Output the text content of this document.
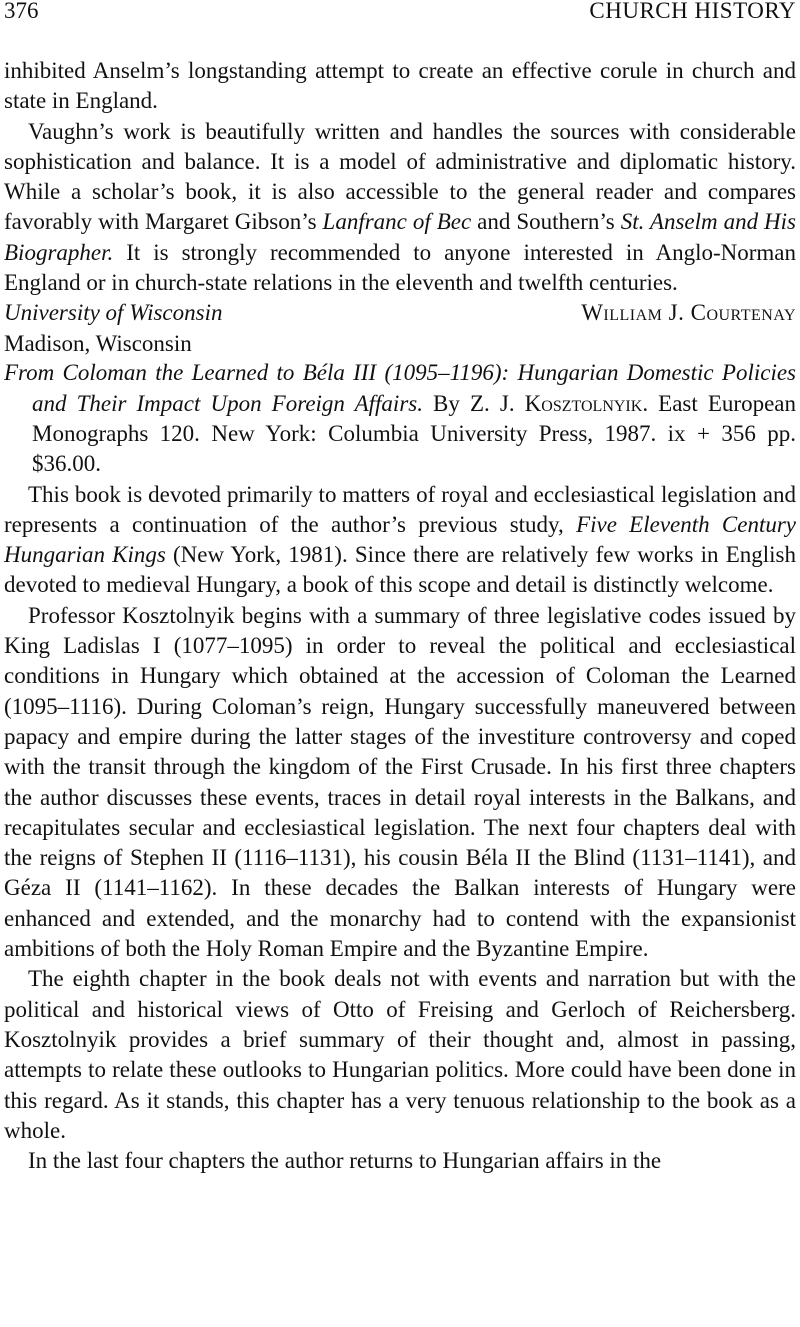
376	CHURCH HISTORY

inhibited Anselm’s longstanding attempt to create an effective corule in church and state in England.

Vaughn’s work is beautifully written and handles the sources with considerable sophistication and balance. It is a model of administrative and diplomatic history. While a scholar’s book, it is also accessible to the general reader and compares favorably with Margaret Gibson’s Lanfranc of Bec and Southern’s St. Anselm and His Biographer. It is strongly recommended to anyone interested in Anglo-Norman England or in church-state relations in the eleventh and twelfth centuries.

University of Wisconsin
Madison, Wisconsin
William J. Courtenay

From Coloman the Learned to Béla III (1095–1196): Hungarian Domestic Policies and Their Impact Upon Foreign Affairs. By Z. J. Kosztolnyik. East European Monographs 120. New York: Columbia University Press, 1987. ix + 356 pp. $36.00.

This book is devoted primarily to matters of royal and ecclesiastical legislation and represents a continuation of the author’s previous study, Five Eleventh Century Hungarian Kings (New York, 1981). Since there are relatively few works in English devoted to medieval Hungary, a book of this scope and detail is distinctly welcome.

Professor Kosztolnyik begins with a summary of three legislative codes issued by King Ladislas I (1077–1095) in order to reveal the political and ecclesiastical conditions in Hungary which obtained at the accession of Coloman the Learned (1095–1116). During Coloman’s reign, Hungary successfully maneuvered between papacy and empire during the latter stages of the investiture controversy and coped with the transit through the kingdom of the First Crusade. In his first three chapters the author discusses these events, traces in detail royal interests in the Balkans, and recapitulates secular and ecclesiastical legislation. The next four chapters deal with the reigns of Stephen II (1116–1131), his cousin Béla II the Blind (1131–1141), and Géza II (1141–1162). In these decades the Balkan interests of Hungary were enhanced and extended, and the monarchy had to contend with the expansionist ambitions of both the Holy Roman Empire and the Byzantine Empire.

The eighth chapter in the book deals not with events and narration but with the political and historical views of Otto of Freising and Gerloch of Reichersberg. Kosztolnyik provides a brief summary of their thought and, almost in passing, attempts to relate these outlooks to Hungarian politics. More could have been done in this regard. As it stands, this chapter has a very tenuous relationship to the book as a whole.

In the last four chapters the author returns to Hungarian affairs in the
